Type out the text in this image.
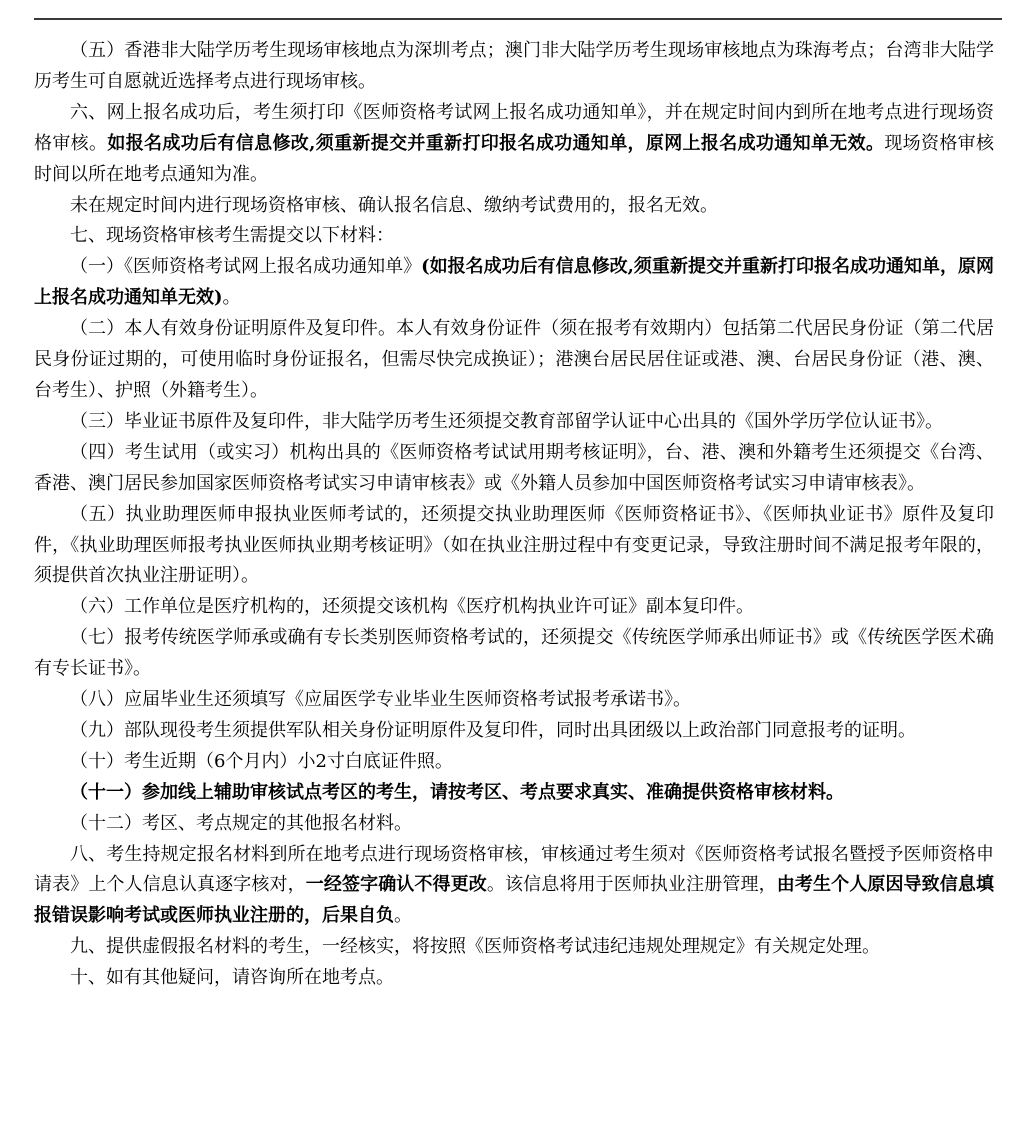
（五）香港非大陆学历考生现场审核地点为深圳考点；澳门非大陆学历考生现场审核地点为珠海考点；台湾非大陆学历考生可自愿就近选择考点进行现场审核。

六、网上报名成功后，考生须打印《医师资格考试网上报名成功通知单》，并在规定时间内到所在地考点进行现场资格审核。如报名成功后有信息修改,须重新提交并重新打印报名成功通知单，原网上报名成功通知单无效。现场资格审核时间以所在地考点通知为准。

未在规定时间内进行现场资格审核、确认报名信息、缴纳考试费用的，报名无效。

七、现场资格审核考生需提交以下材料：

（一）《医师资格考试网上报名成功通知单》(如报名成功后有信息修改,须重新提交并重新打印报名成功通知单，原网上报名成功通知单无效)。

（二）本人有效身份证明原件及复印件。本人有效身份证件（须在报考有效期内）包括第二代居民身份证（第二代居民身份证过期的，可使用临时身份证报名，但需尽快完成换证）；港澳台居民居住证或港、澳、台居民身份证（港、澳、台考生）、护照（外籍考生）。

（三）毕业证书原件及复印件，非大陆学历考生还须提交教育部留学认证中心出具的《国外学历学位认证书》。

（四）考生试用（或实习）机构出具的《医师资格考试试用期考核证明》，台、港、澳和外籍考生还须提交《台湾、香港、澳门居民参加国家医师资格考试实习申请审核表》或《外籍人员参加中国医师资格考试实习申请审核表》。

（五）执业助理医师申报执业医师考试的，还须提交执业助理医师《医师资格证书》、《医师执业证书》原件及复印件，《执业助理医师报考执业医师执业期考核证明》（如在执业注册过程中有变更记录，导致注册时间不满足报考年限的，须提供首次执业注册证明）。

（六）工作单位是医疗机构的，还须提交该机构《医疗机构执业许可证》副本复印件。

（七）报考传统医学师承或确有专长类别医师资格考试的，还须提交《传统医学师承出师证书》或《传统医学医术确有专长证书》。

（八）应届毕业生还须填写《应届医学专业毕业生医师资格考试报考承诺书》。

（九）部队现役考生须提供军队相关身份证明原件及复印件，同时出具团级以上政治部门同意报考的证明。

（十）考生近期（6个月内）小2寸白底证件照。

（十一）参加线上辅助审核试点考区的考生，请按考区、考点要求真实、准确提供资格审核材料。

（十二）考区、考点规定的其他报名材料。

八、考生持规定报名材料到所在地考点进行现场资格审核，审核通过考生须对《医师资格考试报名暨授予医师资格申请表》上个人信息认真逐字核对，一经签字确认不得更改。该信息将用于医师执业注册管理，由考生个人原因导致信息填报错误影响考试或医师执业注册的，后果自负。

九、提供虚假报名材料的考生，一经核实，将按照《医师资格考试违纪违规处理规定》有关规定处理。

十、如有其他疑问，请咨询所在地考点。
